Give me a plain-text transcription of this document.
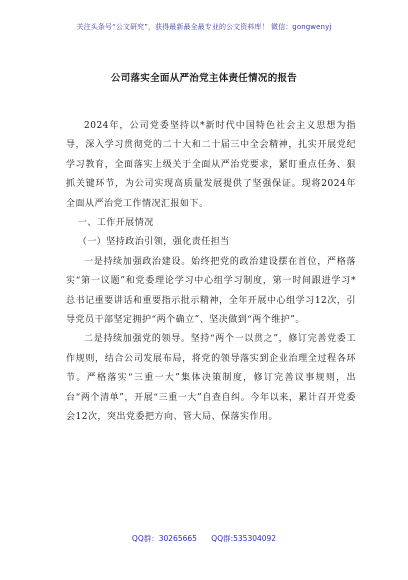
关注头条号“公文研究”，获得最新最全最专业的公文资料库！ 微信：gongwenyj
公司落实全面从严治党主体责任情况的报告

2024年，公司党委坚持以*新时代中国特色社会主义思想为指导，深入学习贯彻党的二十大和二十届三中全会精神，扎实开展党纪学习教育，全面落实上级关于全面从严治党要求，紧盯重点任务、狠抓关键环节，为公司实现高质量发展提供了坚强保证。现将2024年全面从严治党工作情况汇报如下。

一、工作开展情况

（一）坚持政治引领，强化责任担当

一是持续加强政治建设。始终把党的政治建设摆在首位，严格落实“第一议题”和党委理论学习中心组学习制度，第一时间跟进学习*总书记重要讲话和重要指示批示精神，全年开展中心组学习12次，引导党员干部坚定拥护“两个确立”、坚决做到“两个维护”。

二是持续加强党的领导。坚持“两个一以贯之”，修订完善党委工作规则，结合公司发展布局，将党的领导落实到企业治理全过程各环节。严格落实“三重一大”集体决策制度，修订完善议事规则，出台“两个清单”，开展“三重一大”自查自纠。今年以来，累计召开党委会12次，突出党委把方向、管大局、保落实作用。

QQ群：30265665 QQ群:535304092
